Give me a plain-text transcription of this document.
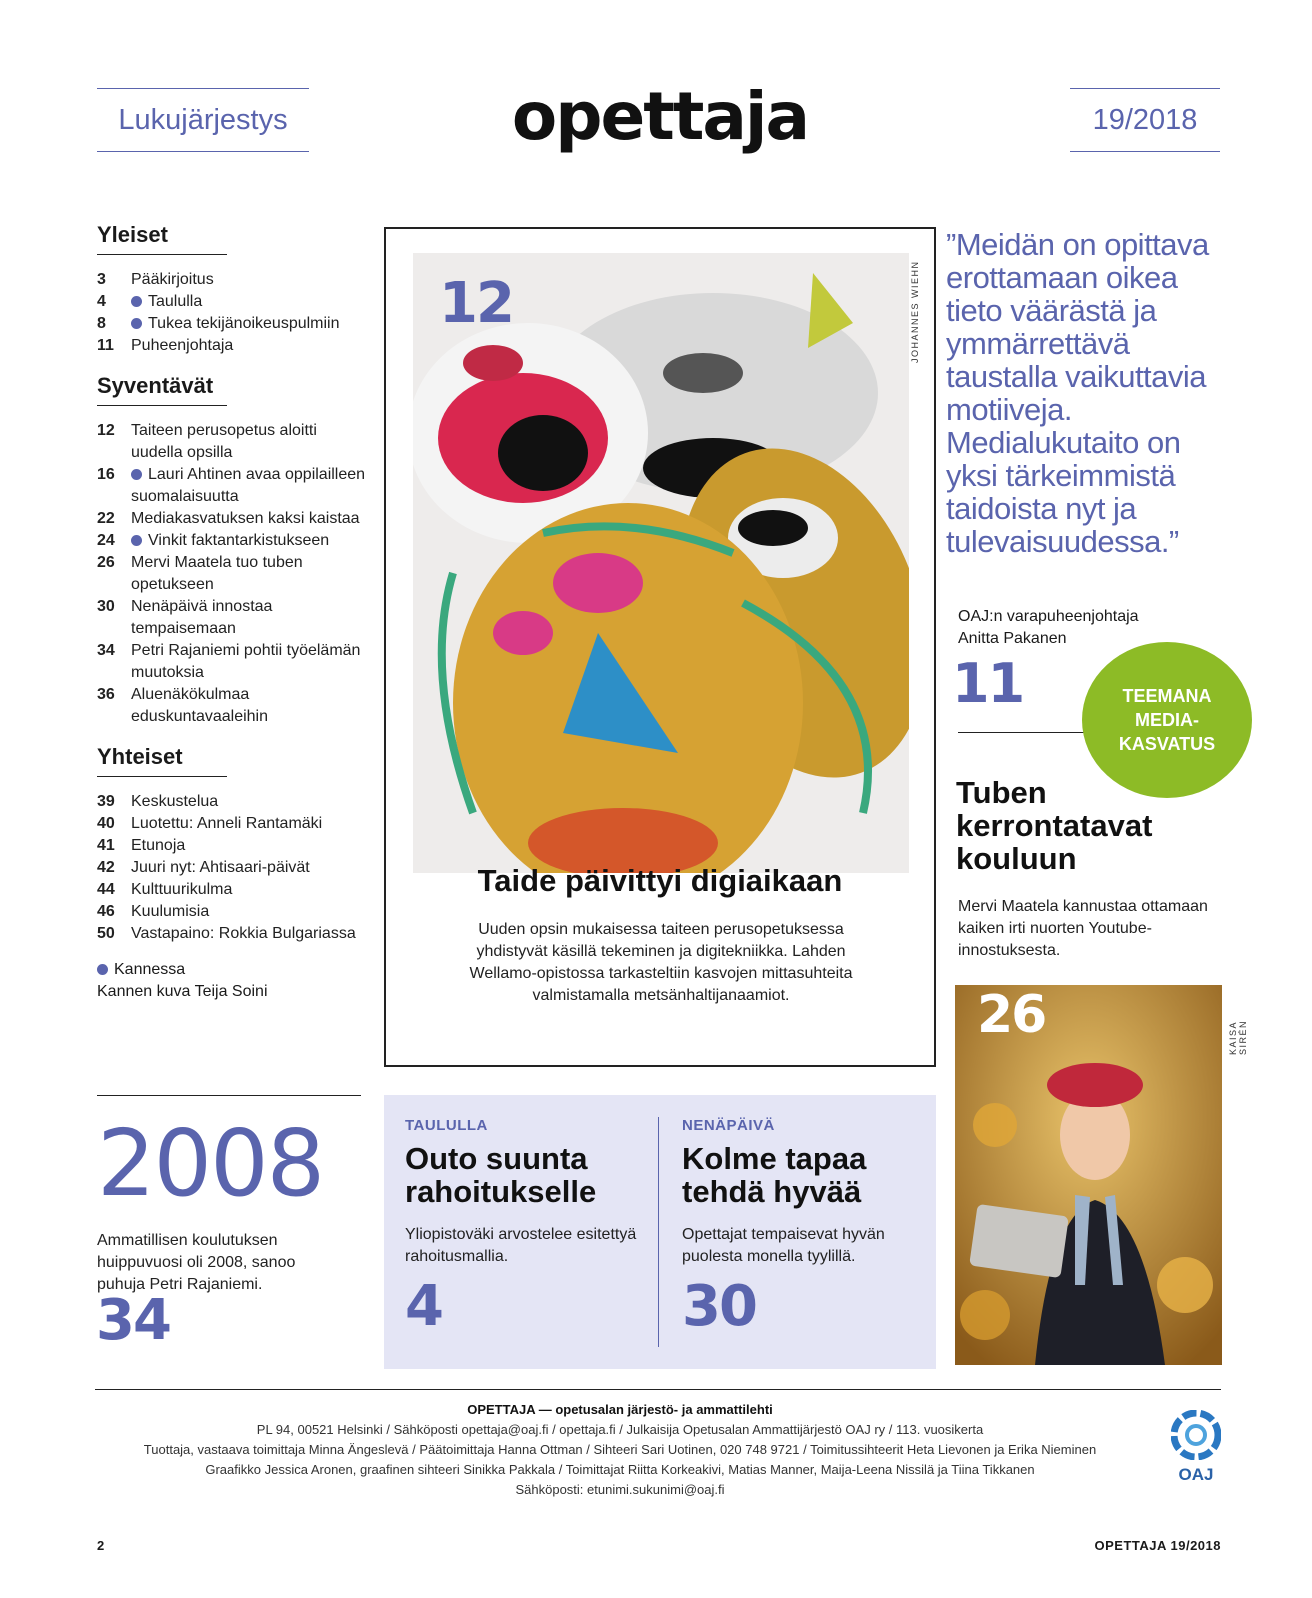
Lukujärjestys	opettaja	19/2018
Yleiset
3	Pääkirjoitus
4	Taululla
8	Tukea tekijänoikeuspulmiin
11	Puheenjohtaja
Syventävät
12	Taiteen perusopetus aloitti uudella opsilla
16	Lauri Ahtinen avaa oppilailleen suomalaisuutta
22	Mediakasvatuksen kaksi kaistaa
24	Vinkit faktantarkistukseen
26	Mervi Maatela tuo tuben opetukseen
30	Nenäpäivä innostaa tempaisemaan
34	Petri Rajaniemi pohtii työelämän muutoksia
36	Aluenäkökulmaa eduskuntavaaleihin
Yhteiset
39	Keskustelua
40	Luotettu: Anneli Rantamäki
41	Etunoja
42	Juuri nyt: Ahtisaari-päivät
44	Kulttuurikulma
46	Kuulumisia
50	Vastapaino: Rokkia Bulgariassa
Kannessa
Kannen kuva Teija Soini
12	JOHANNES WIEHN
Taide päivittyi digiaikaan
Uuden opsin mukaisessa taiteen perusopetuksessa yhdistyvät käsillä tekeminen ja digitekniikka. Lahden Wellamo-opistossa tarkasteltiin kasvojen mittasuhteita valmistamalla metsänhaltijanaamiot.
”Meidän on opittava erottamaan oikea tieto väärästä ja ymmärrettävä taustalla vaikuttavia motiiveja. Medialukutaito on yksi tärkeimmistä taidoista nyt ja tulevaisuudessa.”
OAJ:n varapuheenjohtaja
Anitta Pakanen
11	TEEMANA
MEDIA-
KASVATUS
Tuben kerrontatavat kouluun
Mervi Maatela kannustaa ottamaan kaiken irti nuorten Youtube-innostuksesta.
26	KAISA SIRÉN
2008
Ammatillisen koulutuksen huippuvuosi oli 2008, sanoo puhuja Petri Rajaniemi.
34
TAULULLA
Outo suunta rahoitukselle
Yliopistoväki arvostelee esitettyä rahoitusmallia.
4
NENÄPÄIVÄ
Kolme tapaa tehdä hyvää
Opettajat tempaisevat hyvän puolesta monella tyylillä.
30
OPETTAJA — opetusalan järjestö- ja ammattilehti
PL 94, 00521 Helsinki / Sähköposti opettaja@oaj.fi / opettaja.fi / Julkaisija Opetusalan Ammattijärjestö OAJ ry / 113. vuosikerta
Tuottaja, vastaava toimittaja Minna Ängeslevä / Päätoimittaja Hanna Ottman / Sihteeri Sari Uotinen, 020 748 9721 / Toimitussihteerit Heta Lievonen ja Erika Nieminen
Graafikko Jessica Aronen, graafinen sihteeri Sinikka Pakkala / Toimittajat Riitta Korkeakivi, Matias Manner, Maija-Leena Nissilä ja Tiina Tikkanen
Sähköposti: etunimi.sukunimi@oaj.fi
OAJ
2	OPETTAJA 19/2018
